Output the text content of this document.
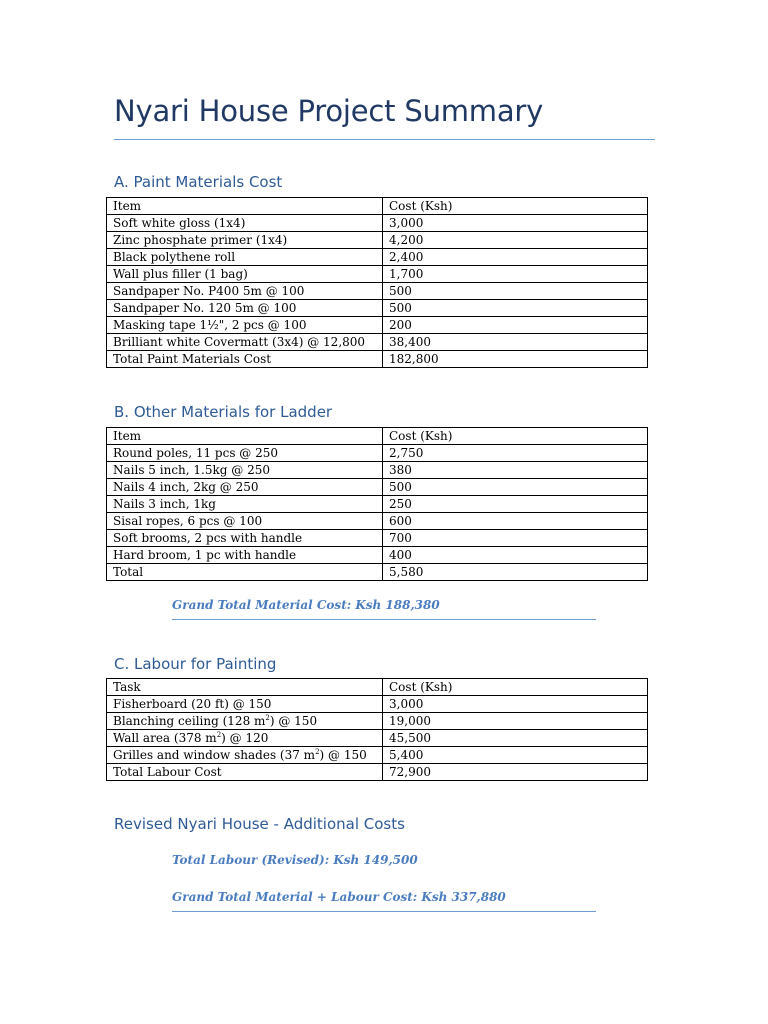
Nyari House Project Summary
A. Paint Materials Cost
Item	Cost (Ksh)
Soft white gloss (1x4)	3,000
Zinc phosphate primer (1x4)	4,200
Black polythene roll	2,400
Wall plus filler (1 bag)	1,700
Sandpaper No. P400 5m @ 100	500
Sandpaper No. 120 5m @ 100	500
Masking tape 1½", 2 pcs @ 100	200
Brilliant white Covermatt (3x4) @ 12,800	38,400
Total Paint Materials Cost	182,800
B. Other Materials for Ladder
Item	Cost (Ksh)
Round poles, 11 pcs @ 250	2,750
Nails 5 inch, 1.5kg @ 250	380
Nails 4 inch, 2kg @ 250	500
Nails 3 inch, 1kg	250
Sisal ropes, 6 pcs @ 100	600
Soft brooms, 2 pcs with handle	700
Hard broom, 1 pc with handle	400
Total	5,580
Grand Total Material Cost: Ksh 188,380
C. Labour for Painting
Task	Cost (Ksh)
Fisherboard (20 ft) @ 150	3,000
Blanching ceiling (128 $m^2$) @ 150	19,000
Wall area (378 $m^2$) @ 120	45,500
Grilles and window shades (37 $m^2$) @ 150	5,400
Total Labour Cost	72,900
Revised Nyari House - Additional Costs
Total Labour (Revised): Ksh 149,500
Grand Total Material + Labour Cost: Ksh 337,880
